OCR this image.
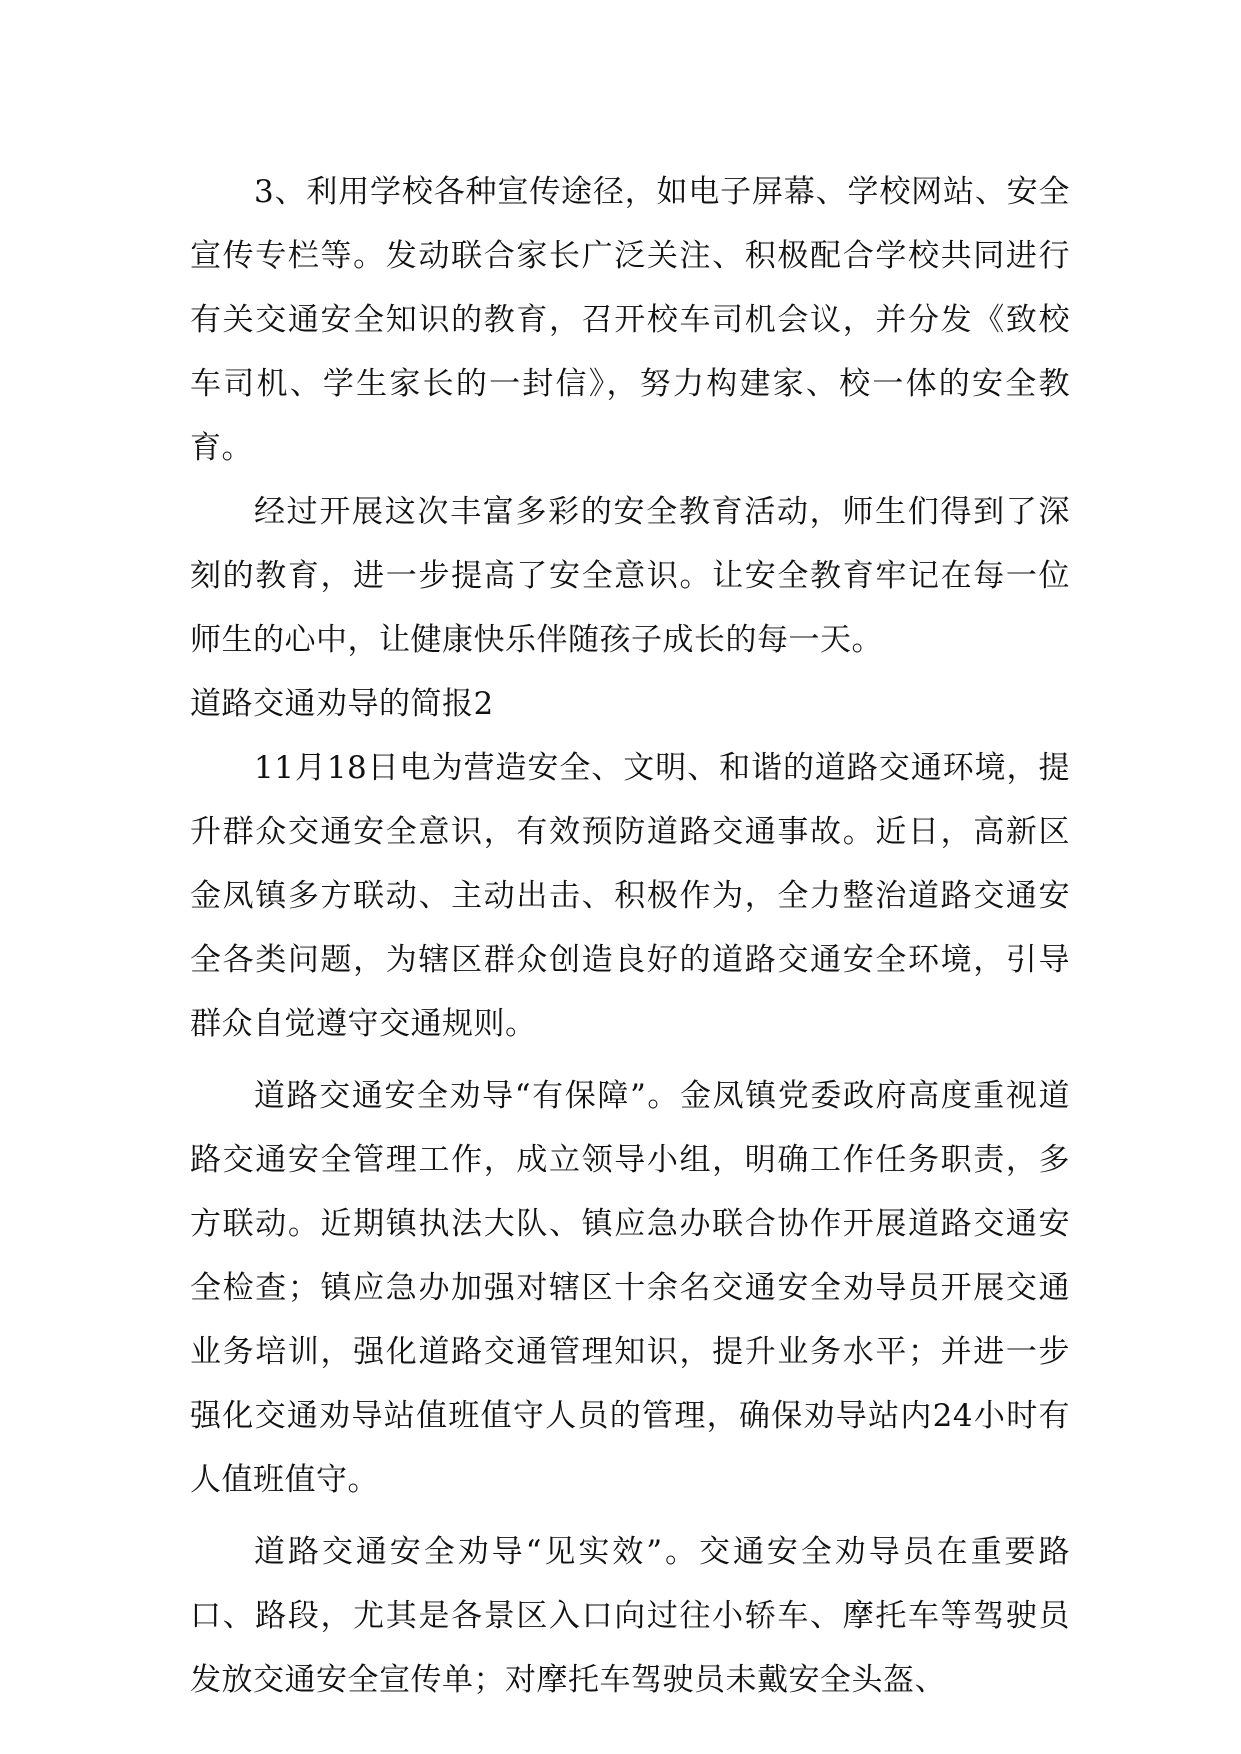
3、利用学校各种宣传途径，如电子屏幕、学校网站、安全宣传专栏等。发动联合家长广泛关注、积极配合学校共同进行有关交通安全知识的教育，召开校车司机会议，并分发《致校车司机、学生家长的一封信》，努力构建家、校一体的安全教育。

经过开展这次丰富多彩的安全教育活动，师生们得到了深刻的教育，进一步提高了安全意识。让安全教育牢记在每一位师生的心中，让健康快乐伴随孩子成长的每一天。

道路交通劝导的简报2

11月18日电为营造安全、文明、和谐的道路交通环境，提升群众交通安全意识，有效预防道路交通事故。近日，高新区金凤镇多方联动、主动出击、积极作为，全力整治道路交通安全各类问题，为辖区群众创造良好的道路交通安全环境，引导群众自觉遵守交通规则。

道路交通安全劝导“有保障”。金凤镇党委政府高度重视道路交通安全管理工作，成立领导小组，明确工作任务职责，多方联动。近期镇执法大队、镇应急办联合协作开展道路交通安全检查；镇应急办加强对辖区十余名交通安全劝导员开展交通业务培训，强化道路交通管理知识，提升业务水平；并进一步强化交通劝导站值班值守人员的管理，确保劝导站内24小时有人值班值守。

道路交通安全劝导“见实效”。交通安全劝导员在重要路口、路段，尤其是各景区入口向过往小轿车、摩托车等驾驶员发放交通安全宣传单；对摩托车驾驶员未戴安全头盔、
